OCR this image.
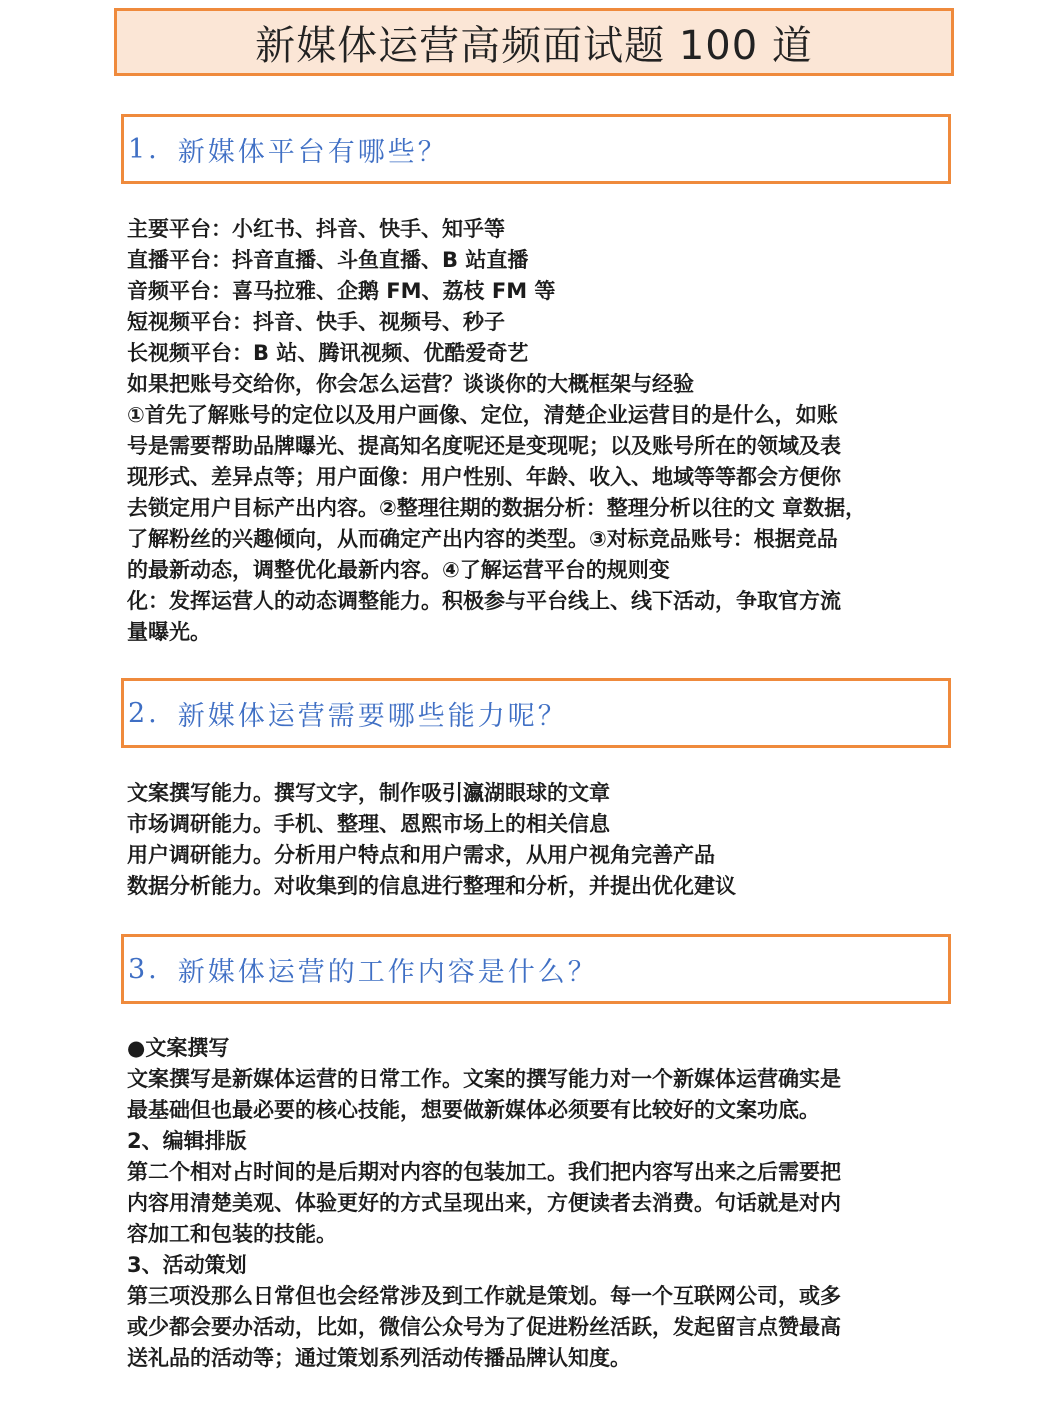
新媒体运营高频面试题 100 道
1. 新媒体平台有哪些？
主要平台：小红书、抖音、快手、知乎等
直播平台：抖音直播、斗鱼直播、B 站直播
音频平台：喜马拉雅、企鹅 FM、荔枝 FM 等
短视频平台：抖音、快手、视频号、秒子
长视频平台：B 站、腾讯视频、优酷爱奇艺
如果把账号交给你，你会怎么运营？谈谈你的大概框架与经验
①首先了解账号的定位以及用户画像、定位，清楚企业运营目的是什么，如账
号是需要帮助品牌曝光、提高知名度呢还是变现呢；以及账号所在的领域及表
现形式、差异点等；用户面像：用户性别、年龄、收入、地域等等都会方便你
去锁定用户目标产出内容。②整理往期的数据分析：整理分析以往的文 章数据，
了解粉丝的兴趣倾向，从而确定产出内容的类型。③对标竞品账号：根据竞品
的最新动态，调整优化最新内容。④了解运营平台的规则变
化：发挥运营人的动态调整能力。积极参与平台线上、线下活动，争取官方流
量曝光。
2. 新媒体运营需要哪些能力呢？
文案撰写能力。撰写文字，制作吸引瀛湖眼球的文章
市场调研能力。手机、整理、恩熙市场上的相关信息
用户调研能力。分析用户特点和用户需求，从用户视角完善产品
数据分析能力。对收集到的信息进行整理和分析，并提出优化建议
3. 新媒体运营的工作内容是什么？
●文案撰写
文案撰写是新媒体运营的日常工作。文案的撰写能力对一个新媒体运营确实是
最基础但也最必要的核心技能，想要做新媒体必须要有比较好的文案功底。
2、编辑排版
第二个相对占时间的是后期对内容的包装加工。我们把内容写出来之后需要把
内容用清楚美观、体验更好的方式呈现出来，方便读者去消费。句话就是对内
容加工和包装的技能。
3、活动策划
第三项没那么日常但也会经常涉及到工作就是策划。每一个互联网公司，或多
或少都会要办活动，比如，微信公众号为了促进粉丝活跃，发起留言点赞最高
送礼品的活动等；通过策划系列活动传播品牌认知度。
